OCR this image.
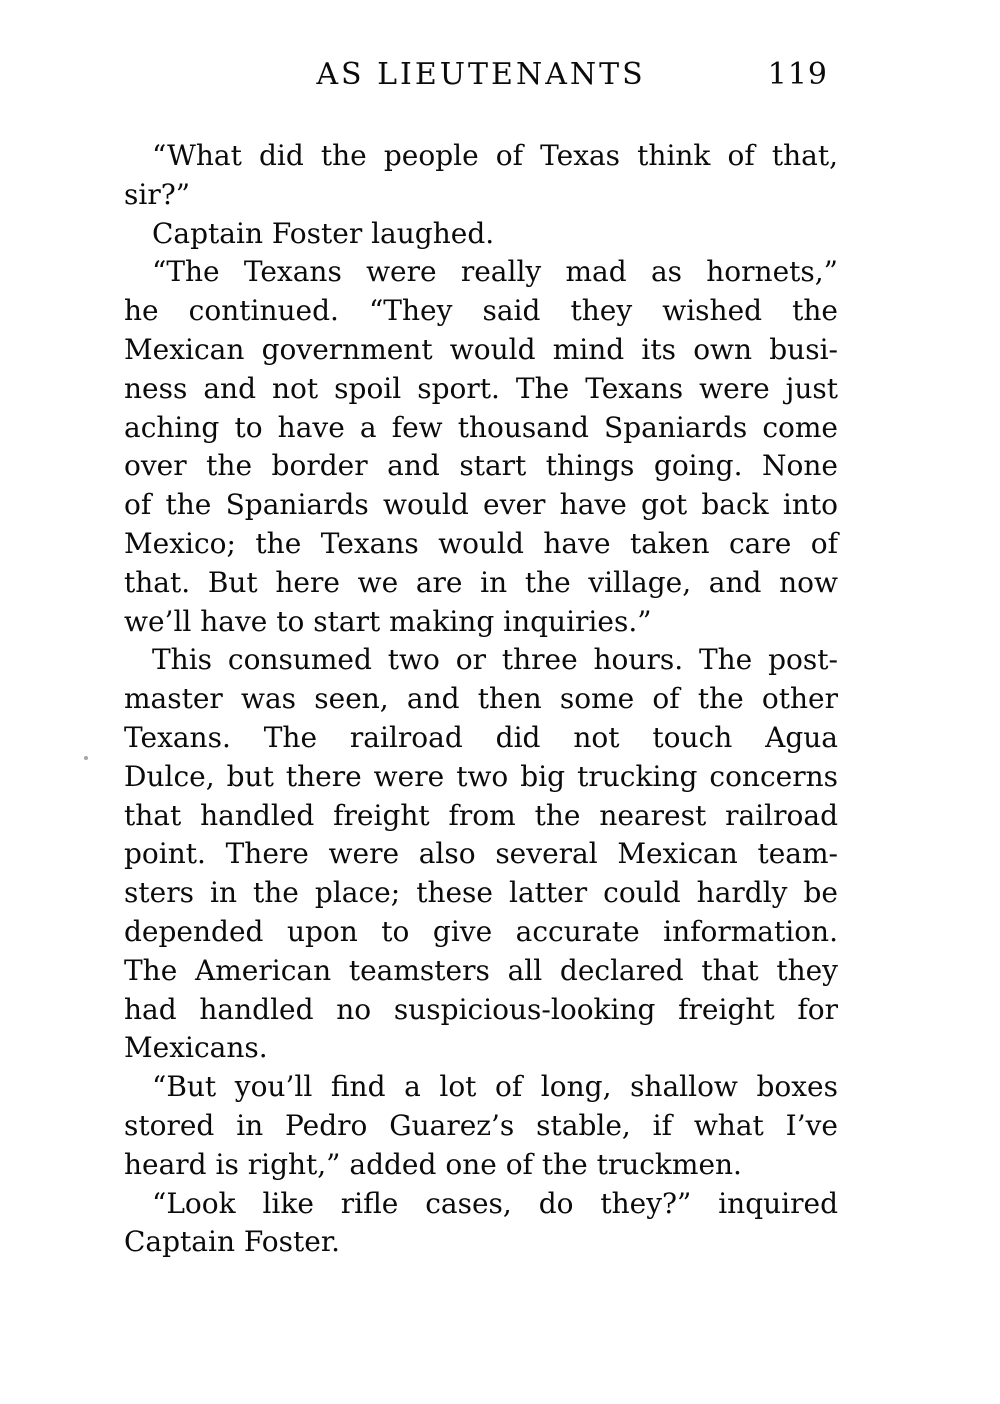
AS LIEUTENANTS	119
“What did the people of Texas think of that,
sir?”
Captain Foster laughed.
“The Texans were really mad as hornets,”
he continued. “They said they wished the
Mexican government would mind its own busi-
ness and not spoil sport. The Texans were just
aching to have a few thousand Spaniards come
over the border and start things going. None
of the Spaniards would ever have got back into
Mexico; the Texans would have taken care of
that. But here we are in the village, and now
we’ll have to start making inquiries.”
This consumed two or three hours. The post-
master was seen, and then some of the other
Texans. The railroad did not touch Agua
Dulce, but there were two big trucking concerns
that handled freight from the nearest railroad
point. There were also several Mexican team-
sters in the place; these latter could hardly be
depended upon to give accurate information.
The American teamsters all declared that they
had handled no suspicious-looking freight for
Mexicans.
“But you’ll find a lot of long, shallow boxes
stored in Pedro Guarez’s stable, if what I’ve
heard is right,” added one of the truckmen.
“Look like rifle cases, do they?” inquired
Captain Foster.
